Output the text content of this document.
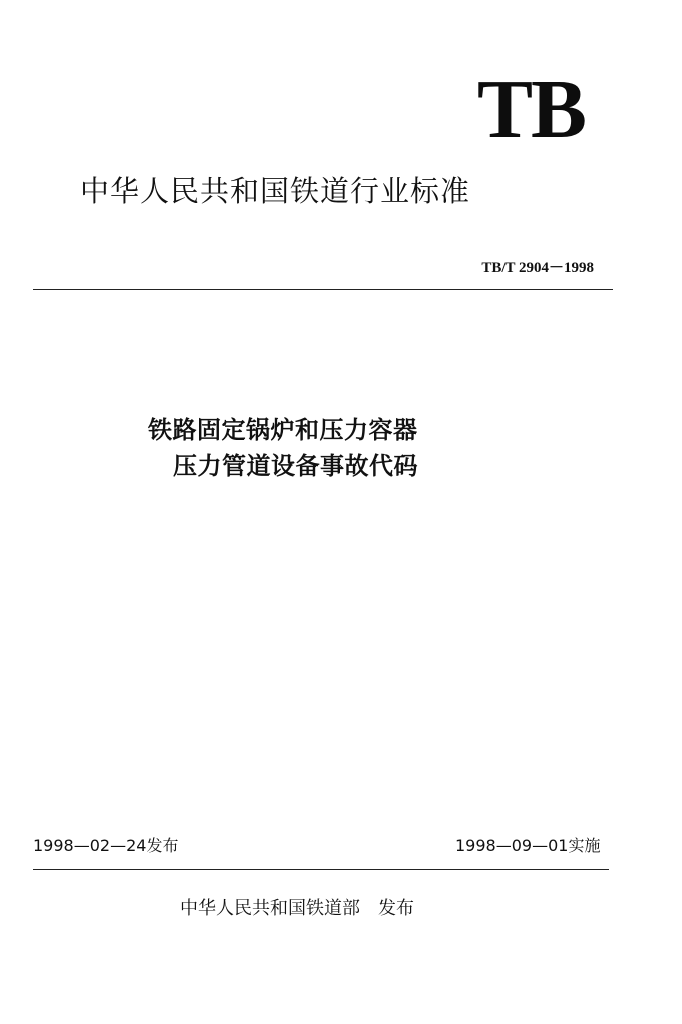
TB
中华人民共和国铁道行业标准
TB/T 2904－1998
铁路固定锅炉和压力容器
压力管道设备事故代码
1998—02—24发布	1998—09—01实施
中华人民共和国铁道部 发布
